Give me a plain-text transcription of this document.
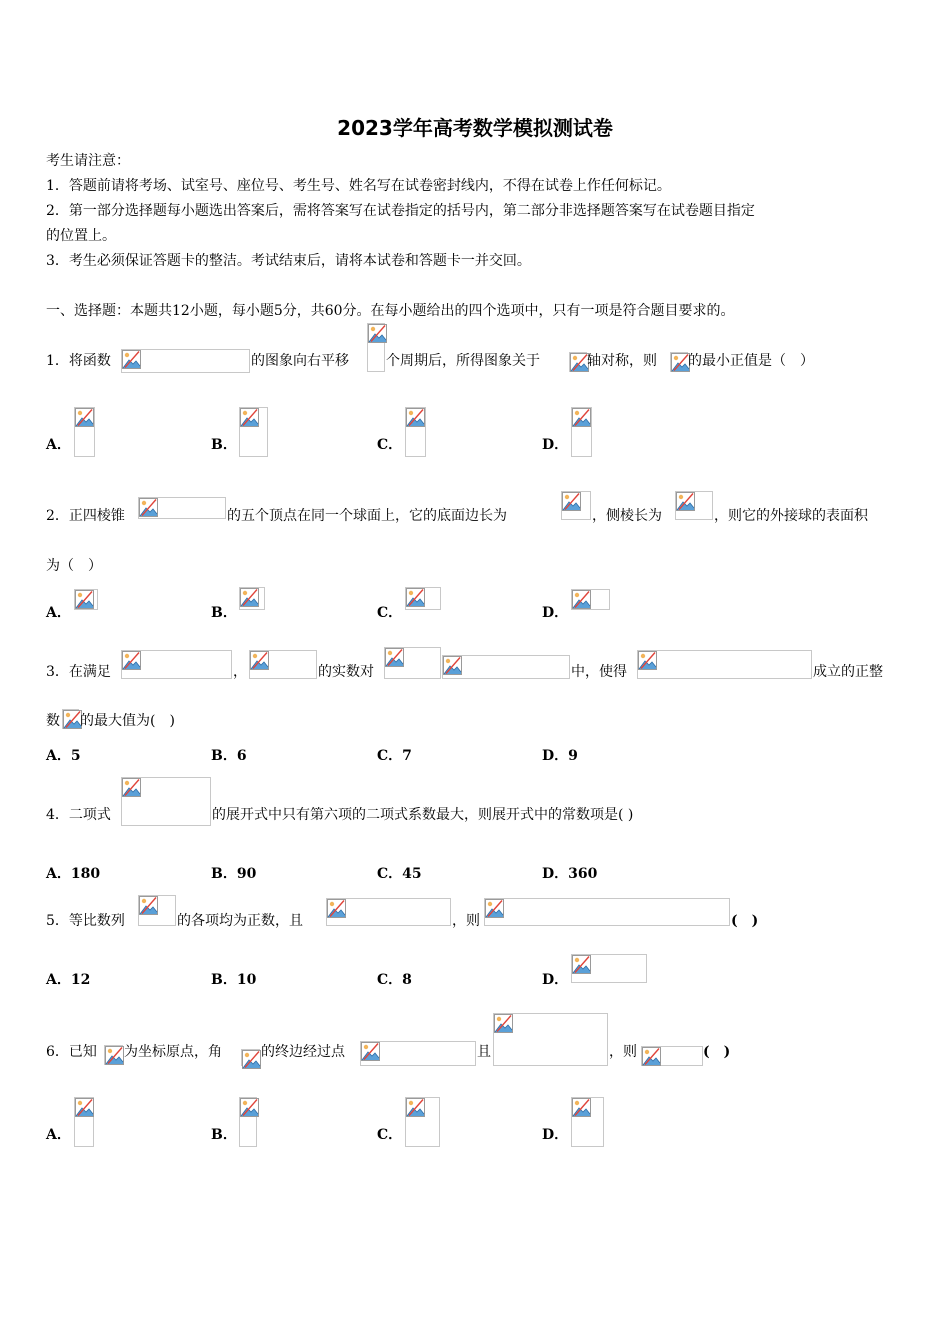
2023学年高考数学模拟测试卷
考生请注意：
1．答题前请将考场、试室号、座位号、考生号、姓名写在试卷密封线内，不得在试卷上作任何标记。
2．第一部分选择题每小题选出答案后，需将答案写在试卷指定的括号内，第二部分非选择题答案写在试卷题目指定
的位置上。
3．考生必须保证答题卡的整洁。考试结束后，请将本试卷和答题卡一并交回。
一、选择题：本题共12小题，每小题5分，共60分。在每小题给出的四个选项中，只有一项是符合题目要求的。
1．将函数	的图象向右平移	个周期后，所得图象关于	轴对称，则 的最小正值是（　）
A．	B．	C．	D．
2．正四棱锥	的五个顶点在同一个球面上，它的底面边长为	，侧棱长为	，则它的外接球的表面积
为（　）
A．	B．	C．	D．
3．在满足	，	的实数对	中，使得	成立的正整
数 的最大值为(　)
A．5	B．6	C．7	D．9
4．二项式	的展开式中只有第六项的二项式系数最大，则展开式中的常数项是( )
A．180	B．90	C．45	D．360
5．等比数列	的各项均为正数，且	，则	(　)
A．12	B．10	C．8	D．
6．已知 为坐标原点，角	的终边经过点	且	，则	(　)
A．	B．	C．	D．
